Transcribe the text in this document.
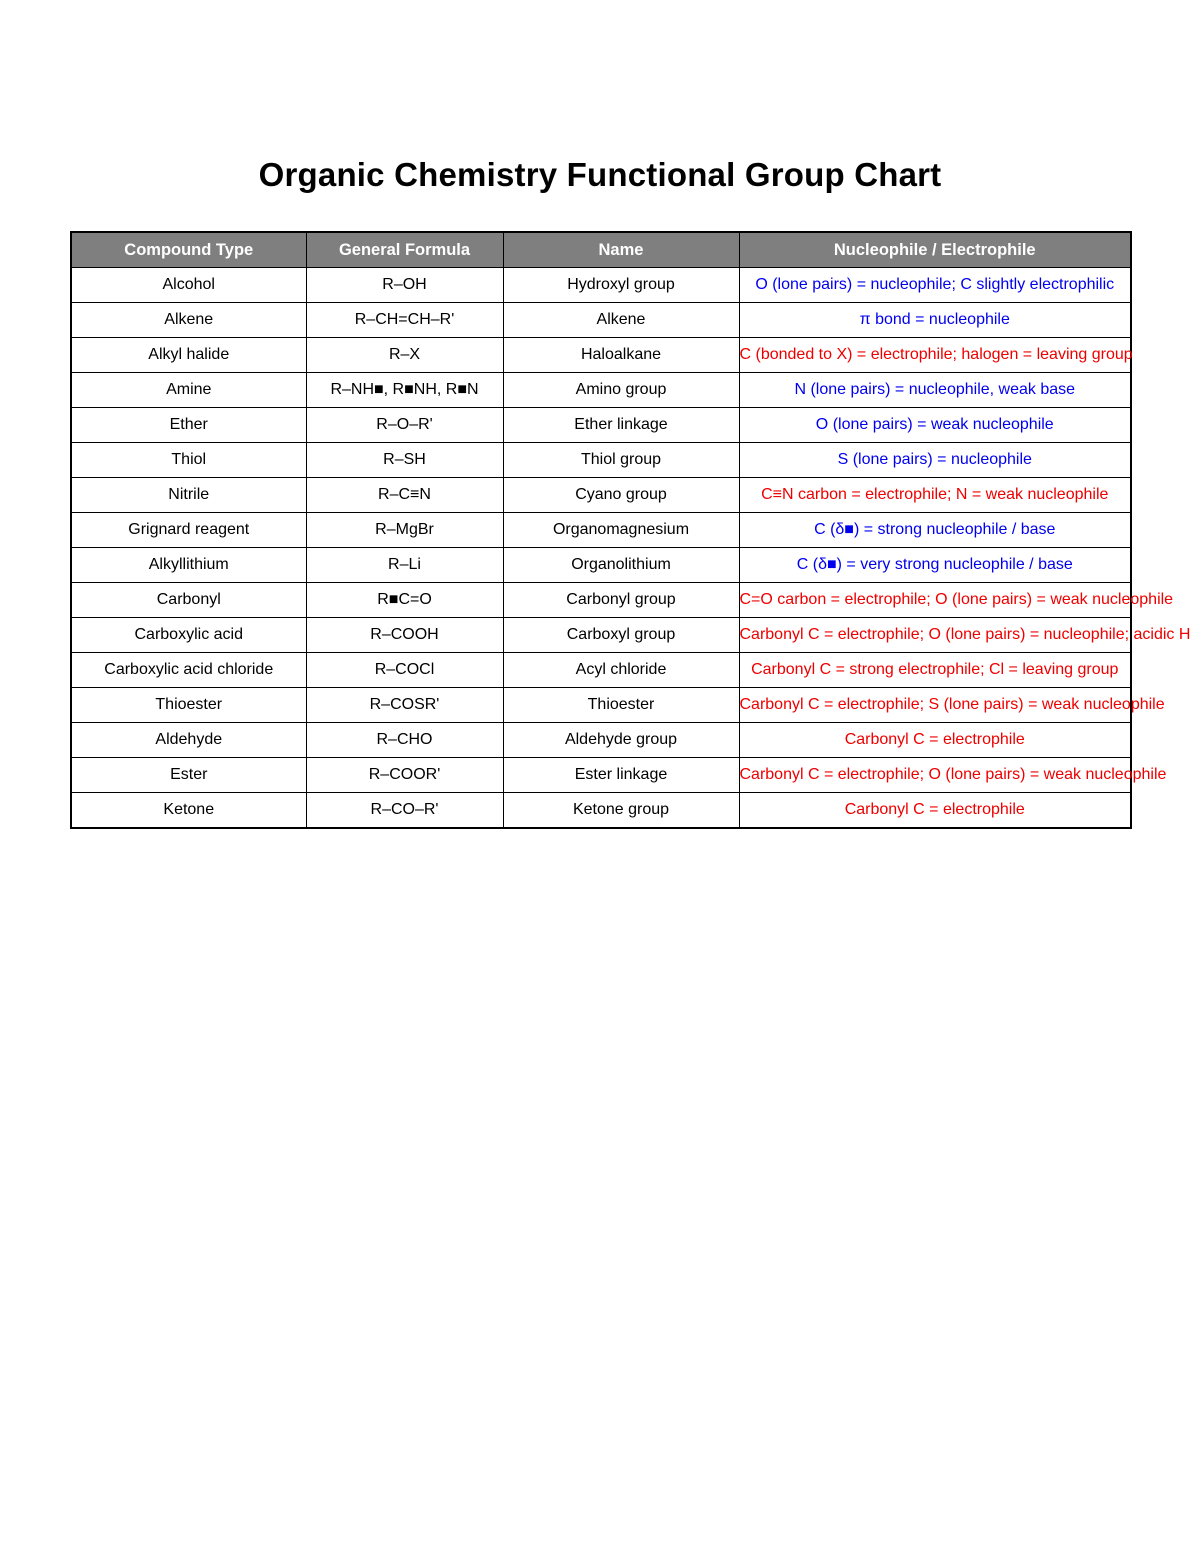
Organic Chemistry Functional Group Chart
Compound Type	General Formula	Name	Nucleophile / Electrophile
Alcohol	R–OH	Hydroxyl group	O (lone pairs) = nucleophile; C slightly electrophilic
Alkene	R–CH=CH–R'	Alkene	π bond = nucleophile
Alkyl halide	R–X	Haloalkane	C (bonded to X) = electrophile; halogen = leaving group
Amine	R–NH■, R■NH, R■N	Amino group	N (lone pairs) = nucleophile, weak base
Ether	R–O–R'	Ether linkage	O (lone pairs) = weak nucleophile
Thiol	R–SH	Thiol group	S (lone pairs) = nucleophile
Nitrile	R–C≡N	Cyano group	C≡N carbon = electrophile; N = weak nucleophile
Grignard reagent	R–MgBr	Organomagnesium	C (δ■) = strong nucleophile / base
Alkyllithium	R–Li	Organolithium	C (δ■) = very strong nucleophile / base
Carbonyl	R■C=O	Carbonyl group	C=O carbon = electrophile; O (lone pairs) = weak nucleophile
Carboxylic acid	R–COOH	Carboxyl group	Carbonyl C = electrophile; O (lone pairs) = nucleophile; acidic H
Carboxylic acid chloride	R–COCl	Acyl chloride	Carbonyl C = strong electrophile; Cl = leaving group
Thioester	R–COSR'	Thioester	Carbonyl C = electrophile; S (lone pairs) = weak nucleophile
Aldehyde	R–CHO	Aldehyde group	Carbonyl C = electrophile
Ester	R–COOR'	Ester linkage	Carbonyl C = electrophile; O (lone pairs) = weak nucleophile
Ketone	R–CO–R'	Ketone group	Carbonyl C = electrophile
